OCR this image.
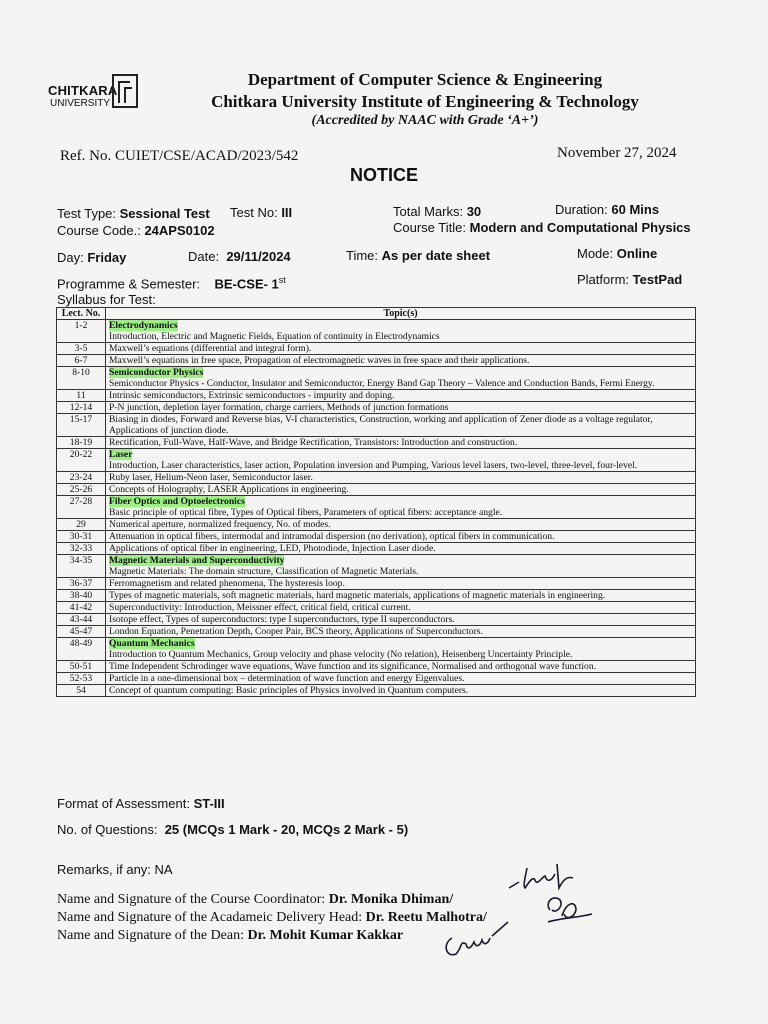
CHITKARA
UNIVERSITY
Department of Computer Science & Engineering
Chitkara University Institute of Engineering & Technology
(Accredited by NAAC with Grade ‘A+’)
Ref. No. CUIET/CSE/ACAD/2023/542	November 27, 2024
NOTICE
Test Type: Sessional Test Test No: III	Total Marks: 30	Duration: 60 Mins
Course Code.: 24APS0102	Course Title: Modern and Computational Physics
Day: Friday	Date: 29/11/2024	Time: As per date sheet	Mode: Online
Programme & Semester: BE-CSE- 1st	Platform: TestPad
Syllabus for Test:
Lect. No.	Topic(s)
1-2	Electrodynamics
Introduction, Electric and Magnetic Fields, Equation of continuity in Electrodynamics
3-5	Maxwell’s equations (differential and integral form).
6-7	Maxwell’s equations in free space, Propagation of electromagnetic waves in free space and their applications.
8-10	Semiconductor Physics
Semiconductor Physics - Conductor, Insulator and Semiconductor, Energy Band Gap Theory – Valence and Conduction Bands, Fermi Energy.
11	Intrinsic semiconductors, Extrinsic semiconductors - impurity and doping.
12-14	P-N junction, depletion layer formation, charge carriers, Methods of junction formations
15-17	Biasing in diodes, Forward and Reverse bias, V-I characteristics, Construction, working and application of Zener diode as a voltage regulator, Applications of junction diode.
18-19	Rectification, Full-Wave, Half-Wave, and Bridge Rectification, Transistors: Introduction and construction.
20-22	Laser
Introduction, Laser characteristics, laser action, Population inversion and Pumping, Various level lasers, two-level, three-level, four-level.
23-24	Ruby laser, Helium-Neon laser, Semiconductor laser.
25-26	Concepts of Holography, LASER Applications in engineering.
27-28	Fiber Optics and Optoelectronics
Basic principle of optical fibre, Types of Optical fibers, Parameters of optical fibers: acceptance angle.
29	Numerical aperture, normalized frequency, No. of modes.
30-31	Attenuation in optical fibers, intermodal and intramodal dispersion (no derivation), optical fibers in communication.
32-33	Applications of optical fiber in engineering, LED, Photodiode, Injection Laser diode.
34-35	Magnetic Materials and Superconductivity
Magnetic Materials: The domain structure, Classification of Magnetic Materials.
36-37	Ferromagnetism and related phenomena, The hysteresis loop.
38-40	Types of magnetic materials, soft magnetic materials, hard magnetic materials, applications of magnetic materials in engineering.
41-42	Superconductivity: Introduction, Meissner effect, critical field, critical current.
43-44	Isotope effect, Types of superconductors: type I superconductors, type II superconductors.
45-47	London Equation, Penetration Depth, Cooper Pair, BCS theory, Applications of Superconductors.
48-49	Quantum Mechanics
Introduction to Quantum Mechanics, Group velocity and phase velocity (No relation), Heisenberg Uncertainty Principle.
50-51	Time Independent Schrodinger wave equations, Wave function and its significance, Normalised and orthogonal wave function.
52-53	Particle in a one-dimensional box – determination of wave function and energy Eigenvalues.
54	Concept of quantum computing: Basic principles of Physics involved in Quantum computers.
Format of Assessment: ST-III
No. of Questions: 25 (MCQs 1 Mark - 20, MCQs 2 Mark - 5)
Remarks, if any: NA
Name and Signature of the Course Coordinator: Dr. Monika Dhiman/
Name and Signature of the Acadameic Delivery Head: Dr. Reetu Malhotra/
Name and Signature of the Dean: Dr. Mohit Kumar Kakkar
